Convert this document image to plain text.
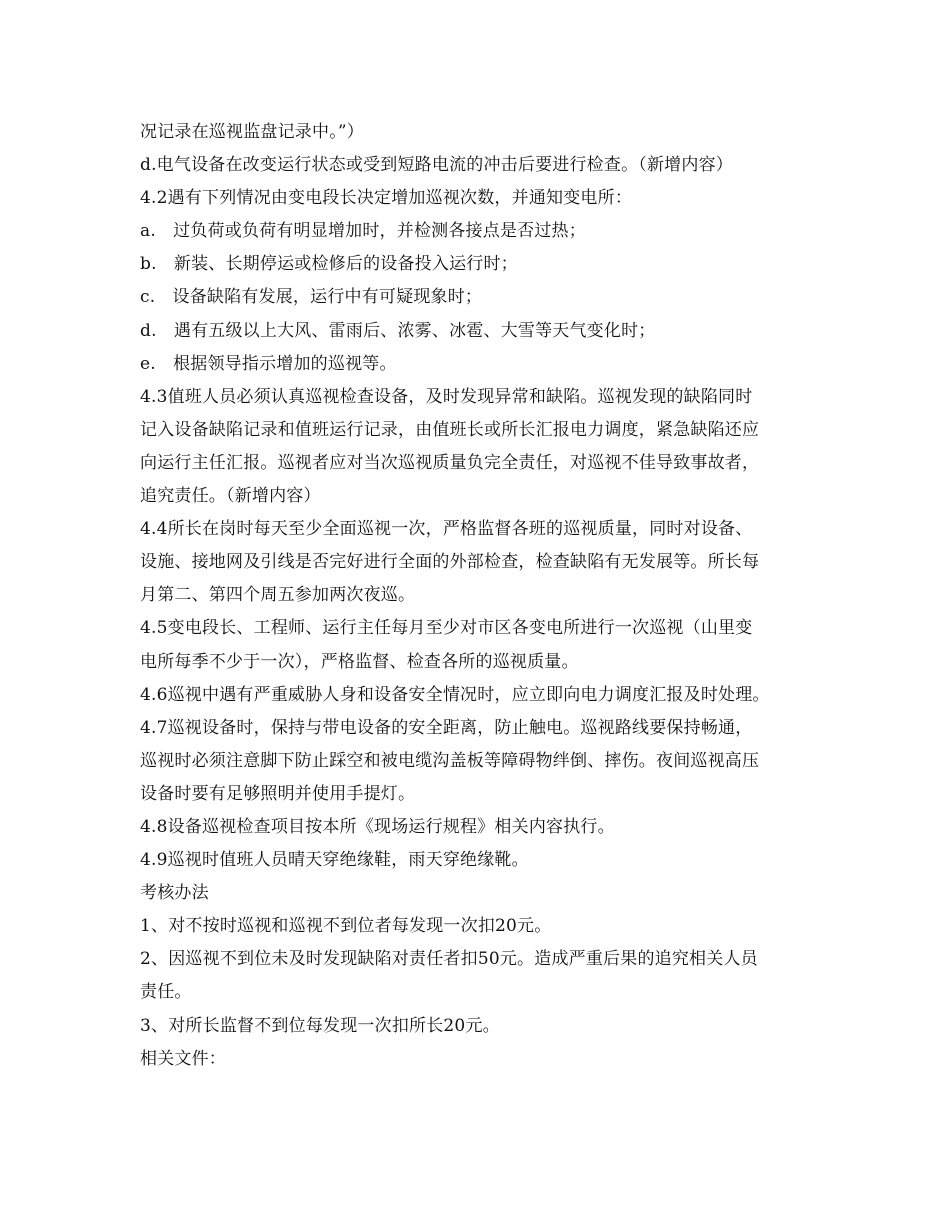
况记录在巡视监盘记录中。”）
d.电气设备在改变运行状态或受到短路电流的冲击后要进行检查。（新增内容）
4.2遇有下列情况由变电段长决定增加巡视次数，并通知变电所：
a.　过负荷或负荷有明显增加时，并检测各接点是否过热；
b.　新装、长期停运或检修后的设备投入运行时；
c.　设备缺陷有发展，运行中有可疑现象时；
d.　遇有五级以上大风、雷雨后、浓雾、冰雹、大雪等天气变化时；
e.　根据领导指示增加的巡视等。
4.3值班人员必须认真巡视检查设备，及时发现异常和缺陷。巡视发现的缺陷同时
记入设备缺陷记录和值班运行记录，由值班长或所长汇报电力调度，紧急缺陷还应
向运行主任汇报。巡视者应对当次巡视质量负完全责任，对巡视不佳导致事故者，
追究责任。（新增内容）
4.4所长在岗时每天至少全面巡视一次，严格监督各班的巡视质量，同时对设备、
设施、接地网及引线是否完好进行全面的外部检查，检查缺陷有无发展等。所长每
月第二、第四个周五参加两次夜巡。
4.5变电段长、工程师、运行主任每月至少对市区各变电所进行一次巡视（山里变
电所每季不少于一次），严格监督、检查各所的巡视质量。
4.6巡视中遇有严重威胁人身和设备安全情况时，应立即向电力调度汇报及时处理。
4.7巡视设备时，保持与带电设备的安全距离，防止触电。巡视路线要保持畅通，
巡视时必须注意脚下防止踩空和被电缆沟盖板等障碍物绊倒、摔伤。夜间巡视高压
设备时要有足够照明并使用手提灯。
4.8设备巡视检查项目按本所《现场运行规程》相关内容执行。
4.9巡视时值班人员晴天穿绝缘鞋，雨天穿绝缘靴。
考核办法
1、对不按时巡视和巡视不到位者每发现一次扣20元。
2、因巡视不到位未及时发现缺陷对责任者扣50元。造成严重后果的追究相关人员
责任。
3、对所长监督不到位每发现一次扣所长20元。
相关文件：
